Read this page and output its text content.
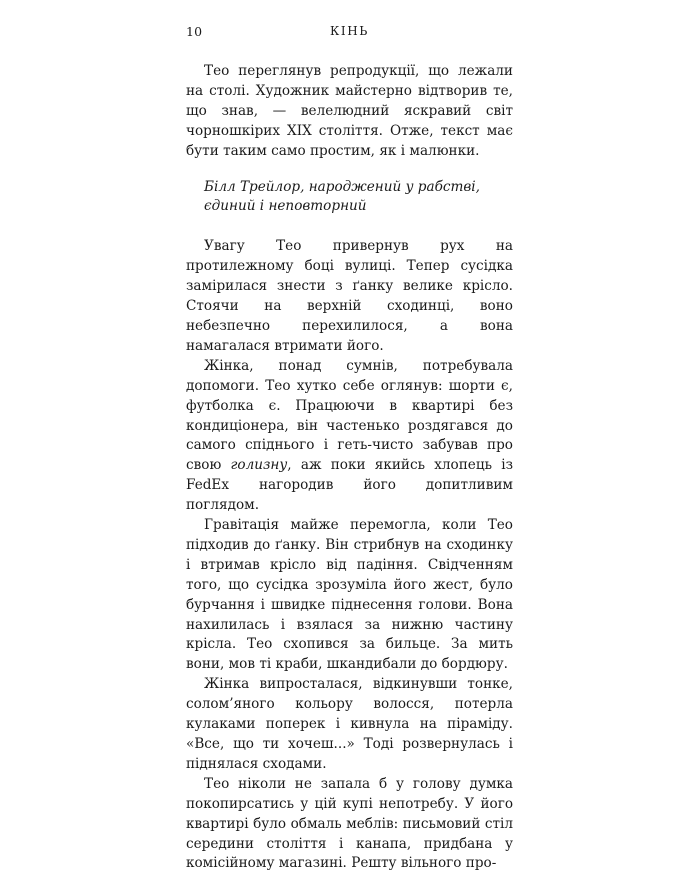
10	КІНЬ

Тео переглянув репродукції, що лежали на столі. Художник майстерно відтворив те, що знав, — велелюдний яскравий світ чорношкірих ХІХ століття. Отже, текст має бути таким само простим, як і малюнки.

Білл Трейлор, народжений у рабстві,
єдиний і неповторний

Увагу Тео привернув рух на протилежному боці вулиці. Тепер сусідка замірилася знести з ґанку велике крісло. Стоячи на верхній сходинці, воно небезпечно перехилилося, а вона намагалася втримати його.

Жінка, понад сумнів, потребувала допомоги. Тео хутко себе оглянув: шорти є, футболка є. Працюючи в квартирі без кондиціонера, він частенько роздягався до самого спіднього і геть-чисто забував про свою голизну, аж поки якийсь хлопець із FedEx нагородив його допитливим поглядом.

Гравітація майже перемогла, коли Тео підходив до ґанку. Він стрибнув на сходинку і втримав крісло від падіння. Свідченням того, що сусідка зрозуміла його жест, було бурчання і швидке піднесення голови. Вона нахилилась і взялася за нижню частину крісла. Тео схопився за бильце. За мить вони, мов ті краби, шкандибали до бордюру.

Жінка випросталася, відкинувши тонке, солом’яного кольору волосся, потерла кулаками поперек і кивнула на піраміду. «Все, що ти хочеш...» Тоді розвернулась і піднялася сходами.

Тео ніколи не запала б у голову думка покопирсатись у цій купі непотребу. У його квартирі було обмаль меблів: письмовий стіл середини століття і канапа, придбана у комісійному магазині. Решту вільного про-
